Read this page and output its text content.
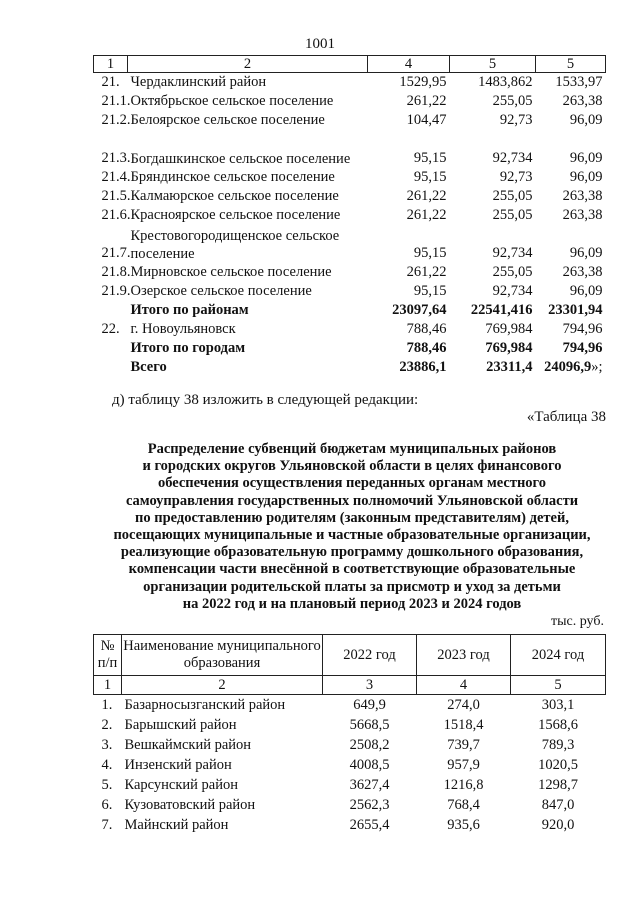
1001
1	2	4	5	5
21.	Чердаклинский район	1529,95	1483,862	1533,97
21.1.	Октябрьское сельское поселение	261,22	255,05	263,38
21.2.	Белоярское сельское поселение	104,47	92,73	96,09
21.3.	Богдашкинское сельское поселение	95,15	92,734	96,09
21.4.	Бряндинское сельское поселение	95,15	92,73	96,09
21.5.	Калмаюрское сельское поселение	261,22	255,05	263,38
21.6.	Красноярское сельское поселение	261,22	255,05	263,38
21.7.	Крестовогородищенское сельское поселение	95,15	92,734	96,09
21.8.	Мирновское сельское поселение	261,22	255,05	263,38
21.9.	Озерское сельское поселение	95,15	92,734	96,09
	Итого по районам	23097,64	22541,416	23301,94
22.	г. Новоульяновск	788,46	769,984	794,96
	Итого по городам	788,46	769,984	794,96
	Всего	23886,1	23311,4	24096,9»;
д) таблицу 38 изложить в следующей редакции:
«Таблица 38
Распределение субвенций бюджетам муниципальных районов
и городских округов Ульяновской области в целях финансового
обеспечения осуществления переданных органам местного
самоуправления государственных полномочий Ульяновской области
по предоставлению родителям (законным представителям) детей,
посещающих муниципальные и частные образовательные организации,
реализующие образовательную программу дошкольного образования,
компенсации части внесённой в соответствующие образовательные
организации родительской платы за присмотр и уход за детьми
на 2022 год и на плановый период 2023 и 2024 годов
тыс. руб.
№ п/п	Наименование муниципального образования	2022 год	2023 год	2024 год
1	2	3	4	5
1.	Базарносызганский район	649,9	274,0	303,1
2.	Барышский район	5668,5	1518,4	1568,6
3.	Вешкаймский район	2508,2	739,7	789,3
4.	Инзенский район	4008,5	957,9	1020,5
5.	Карсунский район	3627,4	1216,8	1298,7
6.	Кузоватовский район	2562,3	768,4	847,0
7.	Майнский район	2655,4	935,6	920,0
